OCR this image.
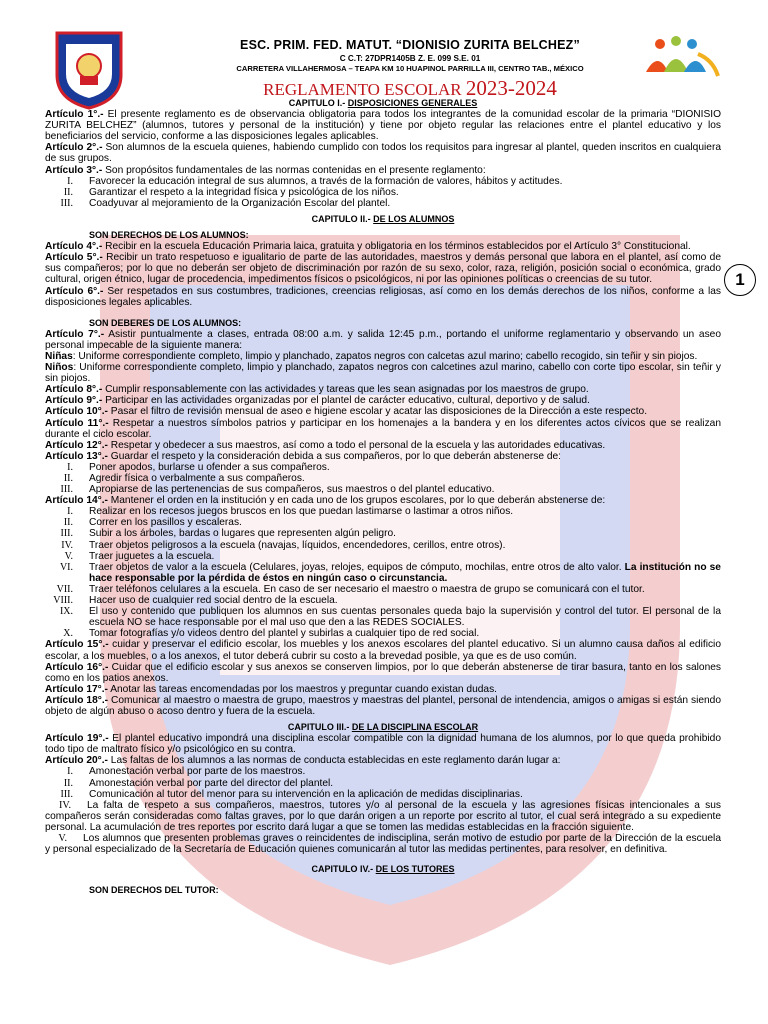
ESC. PRIM. FED. MATUT. “DIONISIO ZURITA BELCHEZ”
C C.T: 27DPR1405B Z. E. 099 S.E. 01
CARRETERA VILLAHERMOSA – TEAPA KM 10 HUAPINOL PARRILLA III, CENTRO TAB., MÉXICO
REGLAMENTO ESCOLAR 2023-2024
1

CAPITULO I.- DISPOSICIONES GENERALES

Artículo 1°.- El presente reglamento es de observancia obligatoria para todos los integrantes de la comunidad escolar de la primaria “DIONISIO ZURITA BELCHEZ” (alumnos, tutores y personal de la institución) y tiene por objeto regular las relaciones entre el plantel educativo y los beneficiarios del servicio, conforme a las disposiciones legales aplicables.

Artículo 2°.- Son alumnos de la escuela quienes, habiendo cumplido con todos los requisitos para ingresar al plantel, queden inscritos en cualquiera de sus grupos.

Artículo 3°.- Son propósitos fundamentales de las normas contenidas en el presente reglamento:

I.	Favorecer la educación integral de sus alumnos, a través de la formación de valores, hábitos y actitudes.
II.	Garantizar el respeto a la integridad física y psicológica de los niños.
III.	Coadyuvar al mejoramiento de la Organización Escolar del plantel.

CAPITULO II.- DE LOS ALUMNOS

SON DERECHOS DE LOS ALUMNOS:

Artículo 4°.- Recibir en la escuela Educación Primaria laica, gratuita y obligatoria en los términos establecidos por el Artículo 3° Constitucional.

Artículo 5°.- Recibir un trato respetuoso e igualitario de parte de las autoridades, maestros y demás personal que labora en el plantel, así como de sus compañeros; por lo que no deberán ser objeto de discriminación por razón de su sexo, color, raza, religión, posición social o económica, grado cultural, origen étnico, lugar de procedencia, impedimentos físicos o psicológicos, ni por las opiniones políticas o creencias de su tutor.

Artículo 6°.- Ser respetados en sus costumbres, tradiciones, creencias religiosas, así como en los demás derechos de los niños, conforme a las disposiciones legales aplicables.

SON DEBERES DE LOS ALUMNOS:

Artículo 7°.- Asistir puntualmente a clases, entrada 08:00 a.m. y salida 12:45 p.m., portando el uniforme reglamentario y observando un aseo personal impecable de la siguiente manera:

Niñas: Uniforme correspondiente completo, limpio y planchado, zapatos negros con calcetas azul marino; cabello recogido, sin teñir y sin piojos.

Niños: Uniforme correspondiente completo, limpio y planchado, zapatos negros con calcetines azul marino, cabello con corte tipo escolar, sin teñir y sin piojos.

Artículo 8°.- Cumplir responsablemente con las actividades y tareas que les sean asignadas por los maestros de grupo.

Artículo 9°.- Participar en las actividades organizadas por el plantel de carácter educativo, cultural, deportivo y de salud.

Artículo 10°.- Pasar el filtro de revisión mensual de aseo e higiene escolar y acatar las disposiciones de la Dirección a este respecto.

Artículo 11°.- Respetar a nuestros símbolos patrios y participar en los homenajes a la bandera y en los diferentes actos cívicos que se realizan durante el ciclo escolar.

Artículo 12°.- Respetar y obedecer a sus maestros, así como a todo el personal de la escuela y las autoridades educativas.

Artículo 13°.- Guardar el respeto y la consideración debida a sus compañeros, por lo que deberán abstenerse de:

I.	Poner apodos, burlarse u ofender a sus compañeros.
II.	Agredir física o verbalmente a sus compañeros.
III.	Apropiarse de las pertenencias de sus compañeros, sus maestros o del plantel educativo.

Artículo 14°.- Mantener el orden en la institución y en cada uno de los grupos escolares, por lo que deberán abstenerse de:

I.	Realizar en los recesos juegos bruscos en los que puedan lastimarse o lastimar a otros niños.
II.	Correr en los pasillos y escaleras.
III.	Subir a los árboles, bardas o lugares que representen algún peligro.
IV.	Traer objetos peligrosos a la escuela (navajas, líquidos, encendedores, cerillos, entre otros).
V.	Traer juguetes a la escuela.
VI.	Traer objetos de valor a la escuela (Celulares, joyas, relojes, equipos de cómputo, mochilas, entre otros de alto valor. La institución no se hace responsable por la pérdida de éstos en ningún caso o circunstancia.
VII.	Traer teléfonos celulares a la escuela. En caso de ser necesario el maestro o maestra de grupo se comunicará con el tutor.
VIII.	Hacer uso de cualquier red social dentro de la escuela.
IX.	El uso y contenido que publiquen los alumnos en sus cuentas personales queda bajo la supervisión y control del tutor. El personal de la escuela NO se hace responsable por el mal uso que den a las REDES SOCIALES.
X.	Tomar fotografías y/o videos dentro del plantel y subirlas a cualquier tipo de red social.

Artículo 15°.- cuidar y preservar el edificio escolar, los muebles y los anexos escolares del plantel educativo. Si un alumno causa daños al edificio escolar, a los muebles, o a los anexos, el tutor deberá cubrir su costo a la brevedad posible, ya que es de uso común.

Artículo 16°.- Cuidar que el edificio escolar y sus anexos se conserven limpios, por lo que deberán abstenerse de tirar basura, tanto en los salones como en los patios anexos.

Artículo 17°.- Anotar las tareas encomendadas por los maestros y preguntar cuando existan dudas.

Artículo 18°.- Comunicar al maestro o maestra de grupo, maestros y maestras del plantel, personal de intendencia, amigos o amigas si están siendo objeto de algún abuso o acoso dentro y fuera de la escuela.

CAPITULO III.- DE LA DISCIPLINA ESCOLAR

Artículo 19°.- El plantel educativo impondrá una disciplina escolar compatible con la dignidad humana de los alumnos, por lo que queda prohibido todo tipo de maltrato físico y/o psicológico en su contra.

Artículo 20°.- Las faltas de los alumnos a las normas de conducta establecidas en este reglamento darán lugar a:

I.	Amonestación verbal por parte de los maestros.
II.	Amonestación verbal por parte del director del plantel.
III.	Comunicación al tutor del menor para su intervención en la aplicación de medidas disciplinarias.

IV. La falta de respeto a sus compañeros, maestros, tutores y/o al personal de la escuela y las agresiones físicas intencionales a sus compañeros serán consideradas como faltas graves, por lo que darán origen a un reporte por escrito al tutor, el cual será integrado a su expediente personal. La acumulación de tres reportes por escrito dará lugar a que se tomen las medidas establecidas en la fracción siguiente.

V. Los alumnos que presenten problemas graves o reincidentes de indisciplina, serán motivo de estudio por parte de la Dirección de la escuela y personal especializado de la Secretaría de Educación quienes comunicarán al tutor las medidas pertinentes, para resolver, en definitiva.

CAPITULO IV.- DE LOS TUTORES

SON DERECHOS DEL TUTOR:
